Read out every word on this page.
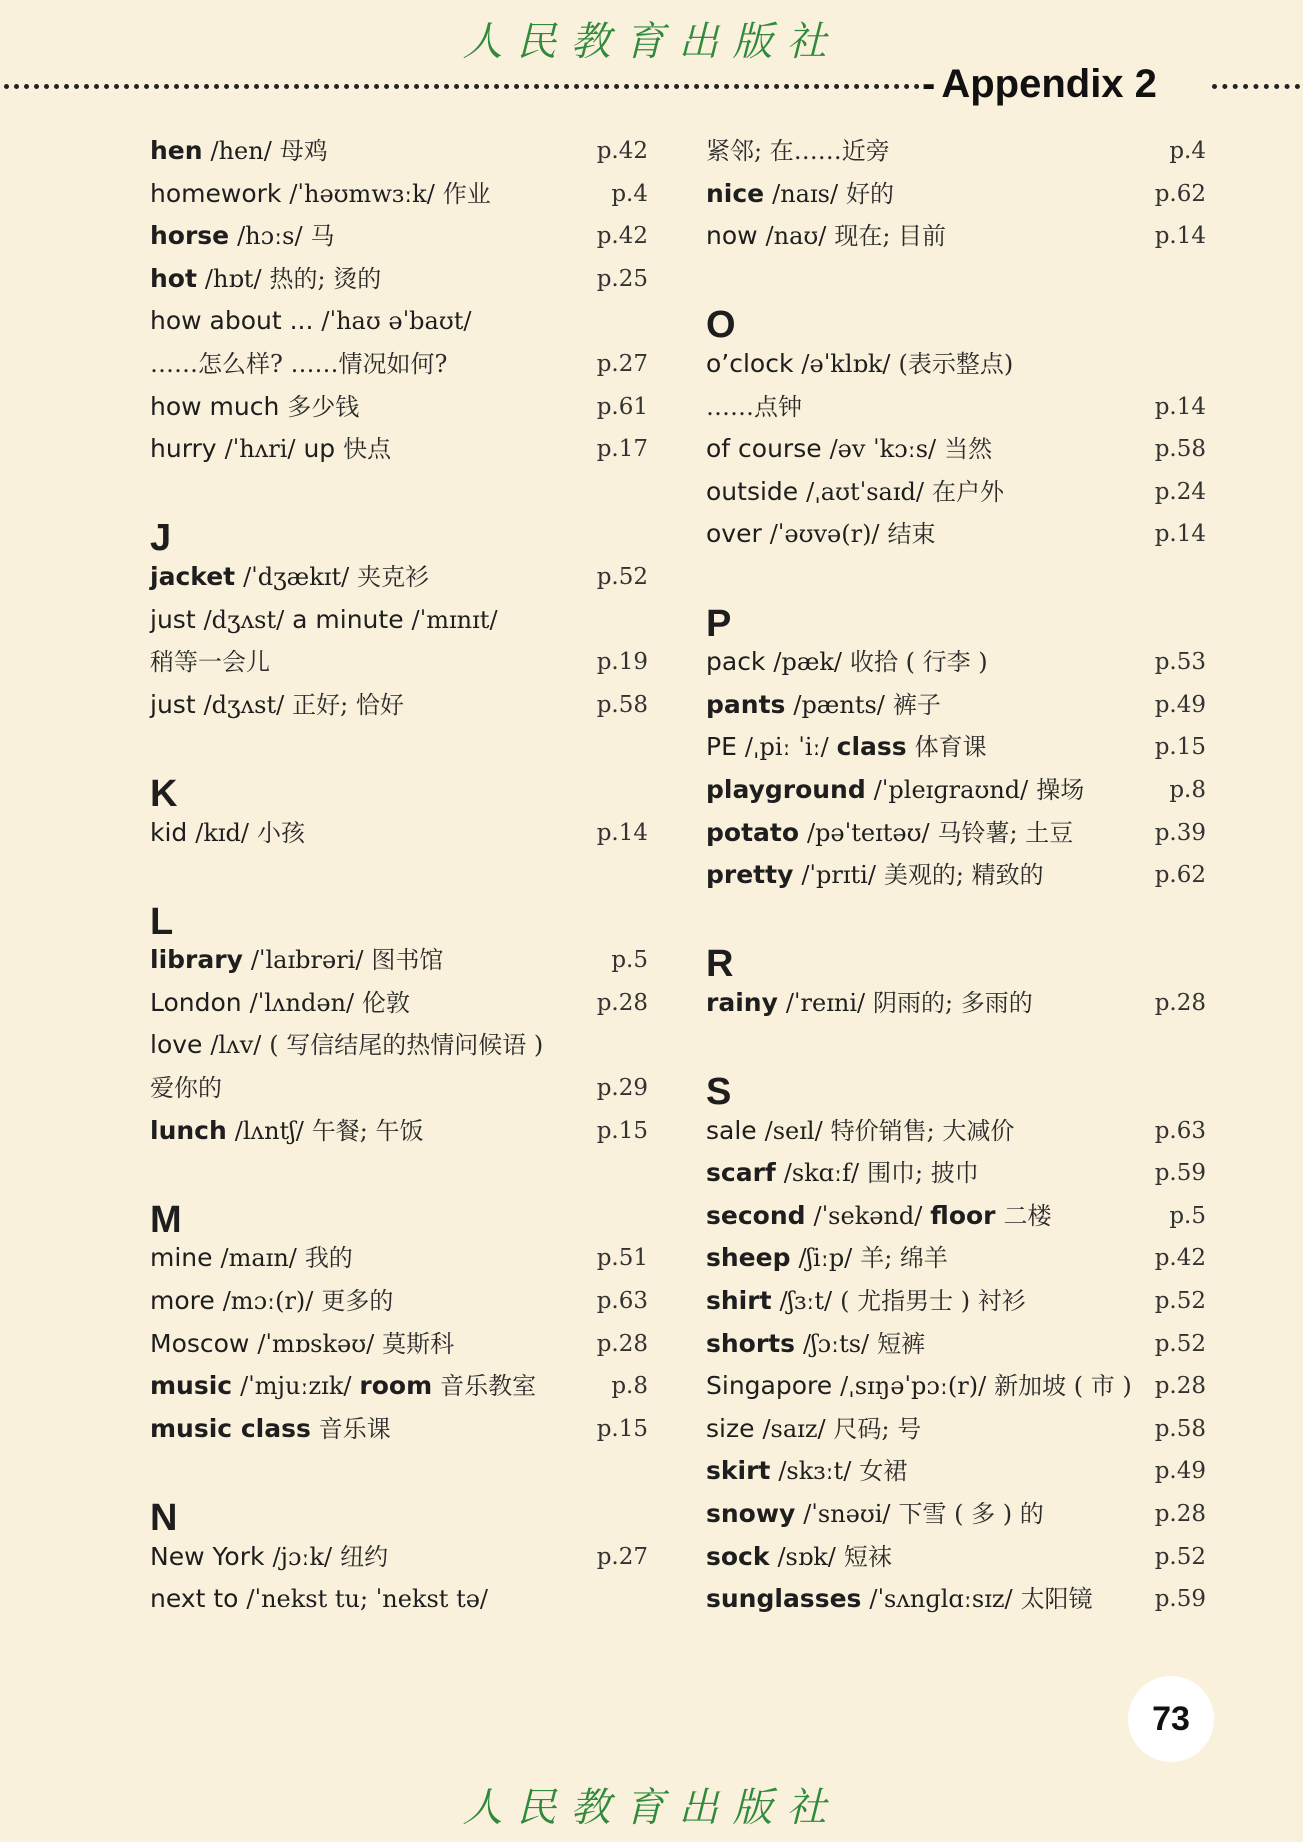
人民教育出版社
- Appendix 2
hen /hen/ 母鸡	p.42
homework /ˈhəʊmwɜːk/ 作业	p.4
horse /hɔːs/ 马	p.42
hot /hɒt/ 热的; 烫的	p.25
how about ... /ˈhaʊ əˈbaʊt/
……怎么样? ……情况如何?	p.27
how much 多少钱	p.61
hurry /ˈhʌri/ up 快点	p.17
J
jacket /ˈdʒækɪt/ 夹克衫	p.52
just /dʒʌst/ a minute /ˈmɪnɪt/
稍等一会儿	p.19
just /dʒʌst/ 正好; 恰好	p.58
K
kid /kɪd/ 小孩	p.14
L
library /ˈlaɪbrəri/ 图书馆	p.5
London /ˈlʌndən/ 伦敦	p.28
love /lʌv/ ( 写信结尾的热情问候语 )
爱你的	p.29
lunch /lʌntʃ/ 午餐; 午饭	p.15
M
mine /maɪn/ 我的	p.51
more /mɔː(r)/ 更多的	p.63
Moscow /ˈmɒskəʊ/ 莫斯科	p.28
music /ˈmjuːzɪk/ room 音乐教室	p.8
music class 音乐课	p.15
N
New York /jɔːk/ 纽约	p.27
next to /ˈnekst tu; ˈnekst tə/
紧邻; 在……近旁	p.4
nice /naɪs/ 好的	p.62
now /naʊ/ 现在; 目前	p.14
O
o’clock /əˈklɒk/ (表示整点)
……点钟	p.14
of course /əv ˈkɔːs/ 当然	p.58
outside /ˌaʊtˈsaɪd/ 在户外	p.24
over /ˈəʊvə(r)/ 结束	p.14
P
pack /pæk/ 收拾 ( 行李 )	p.53
pants /pænts/ 裤子	p.49
PE /ˌpiː ˈiː/ class 体育课	p.15
playground /ˈpleɪɡraʊnd/ 操场	p.8
potato /pəˈteɪtəʊ/ 马铃薯; 土豆	p.39
pretty /ˈprɪti/ 美观的; 精致的	p.62
R
rainy /ˈreɪni/ 阴雨的; 多雨的	p.28
S
sale /seɪl/ 特价销售; 大减价	p.63
scarf /skɑːf/ 围巾; 披巾	p.59
second /ˈsekənd/ floor 二楼	p.5
sheep /ʃiːp/ 羊; 绵羊	p.42
shirt /ʃɜːt/ ( 尤指男士 ) 衬衫	p.52
shorts /ʃɔːts/ 短裤	p.52
Singapore /ˌsɪŋəˈpɔː(r)/ 新加坡 ( 市 ) p.28
size /saɪz/ 尺码; 号	p.58
skirt /skɜːt/ 女裙	p.49
snowy /ˈsnəʊi/ 下雪 ( 多 ) 的	p.28
sock /sɒk/ 短袜	p.52
sunglasses /ˈsʌnɡlɑːsɪz/ 太阳镜	p.59
73
人民教育出版社
